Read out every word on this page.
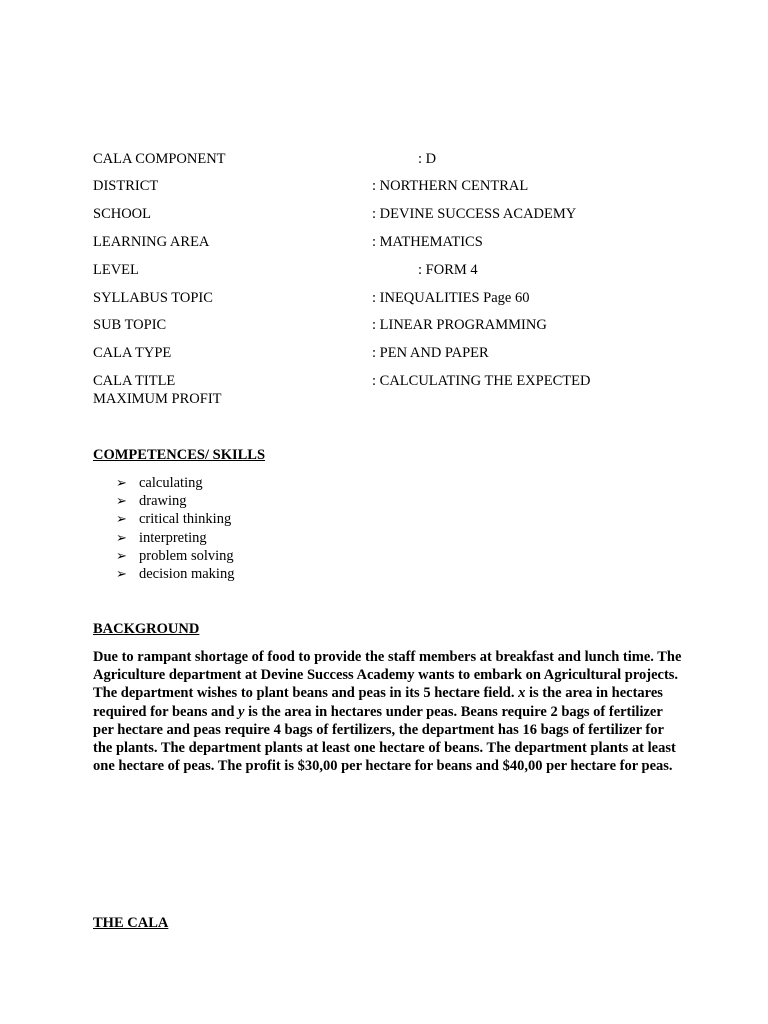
CALA COMPONENT	: D
DISTRICT	: NORTHERN CENTRAL
SCHOOL	: DEVINE SUCCESS ACADEMY
LEARNING AREA	: MATHEMATICS
LEVEL	: FORM 4
SYLLABUS TOPIC	: INEQUALITIES Page 60
SUB TOPIC	: LINEAR PROGRAMMING
CALA TYPE	: PEN AND PAPER
CALA TITLE	: CALCULATING THE EXPECTED
MAXIMUM PROFIT
COMPETENCES/ SKILLS
➢ calculating
➢ drawing
➢ critical thinking
➢ interpreting
➢ problem solving
➢ decision making
BACKGROUND
Due to rampant shortage of food to provide the staff members at breakfast and lunch time. The Agriculture department at Devine Success Academy wants to embark on Agricultural projects. The department wishes to plant beans and peas in its 5 hectare field. x is the area in hectares required for beans and y is the area in hectares under peas. Beans require 2 bags of fertilizer per hectare and peas require 4 bags of fertilizers, the department has 16 bags of fertilizer for the plants. The department plants at least one hectare of beans. The department plants at least one hectare of peas. The profit is $30,00 per hectare for beans and $40,00 per hectare for peas.
THE CALA
